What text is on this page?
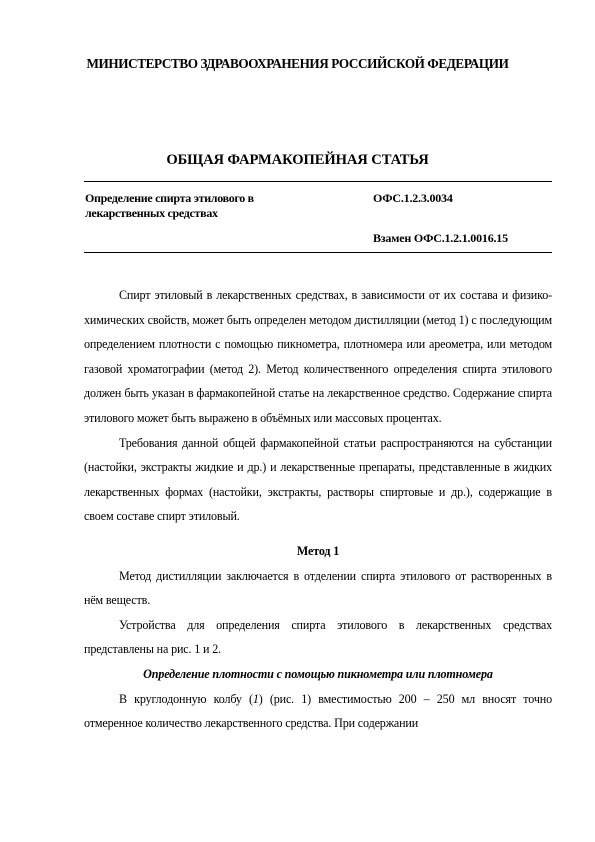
МИНИСТЕРСТВО ЗДРАВООХРАНЕНИЯ РОССИЙСКОЙ ФЕДЕРАЦИИ
ОБЩАЯ ФАРМАКОПЕЙНАЯ СТАТЬЯ
Определение спирта этилового в лекарственных средствах
ОФС.1.2.3.0034
Взамен ОФС.1.2.1.0016.15

Спирт этиловый в лекарственных средствах, в зависимости от их состава и физико-химических свойств, может быть определен методом дистилляции (метод 1) с последующим определением плотности с помощью пикнометра, плотномера или ареометра, или методом газовой хроматографии (метод 2). Метод количественного определения спирта этилового должен быть указан в фармакопейной статье на лекарственное средство. Содержание спирта этилового может быть выражено в объёмных или массовых процентах.

Требования данной общей фармакопейной статьи распространяются на субстанции (настойки, экстракты жидкие и др.) и лекарственные препараты, представленные в жидких лекарственных формах (настойки, экстракты, растворы спиртовые и др.), содержащие в своем составе спирт этиловый.

Метод 1

Метод дистилляции заключается в отделении спирта этилового от растворенных в нём веществ.

Устройства для определения спирта этилового в лекарственных средствах представлены на рис. 1 и 2.

Определение плотности с помощью пикнометра или плотномера

В круглодонную колбу (1) (рис. 1) вместимостью 200 – 250 мл вносят точно отмеренное количество лекарственного средства. При содержании
